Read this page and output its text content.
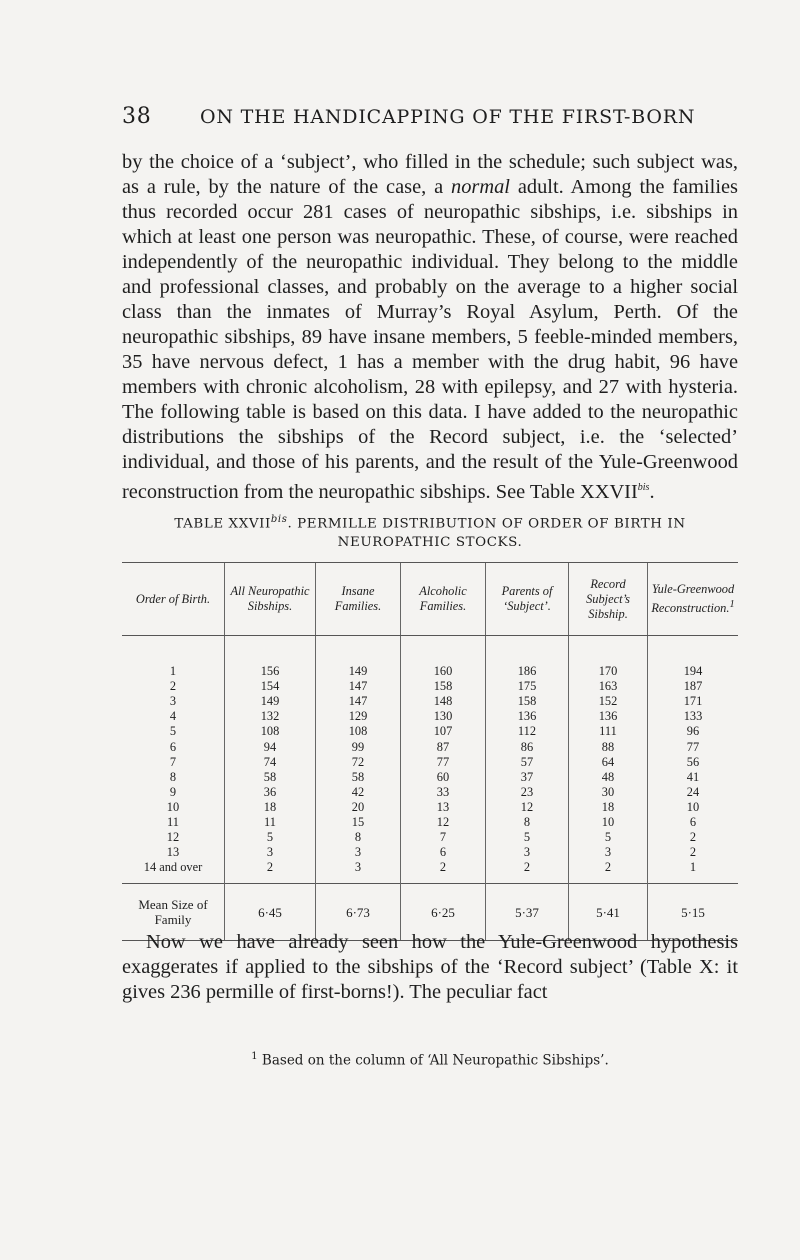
38	ON THE HANDICAPPING OF THE FIRST-BORN

by the choice of a ‘subject’, who filled in the schedule; such subject was, as a rule, by the nature of the case, a normal adult. Among the families thus recorded occur 281 cases of neuropathic sibships, i.e. sibships in which at least one person was neuropathic. These, of course, were reached independently of the neuropathic individual. They belong to the middle and professional classes, and probably on the average to a higher social class than the inmates of Murray’s Royal Asylum, Perth. Of the neuropathic sibships, 89 have insane members, 5 feeble-minded members, 35 have nervous defect, 1 has a member with the drug habit, 96 have members with chronic alcoholism, 28 with epilepsy, and 27 with hysteria. The following table is based on this data. I have added to the neuropathic distributions the sibships of the Record subject, i.e. the ‘selected’ individual, and those of his parents, and the result of the Yule-Greenwood reconstruction from the neuropathic sibships. See Table $XXVII^{bis}$.

TABLE $XXVII^{bis}$. PERMILLE DISTRIBUTION OF ORDER OF BIRTH IN NEUROPATHIC STOCKS.
Order of Birth.	All Neuropathic Sibships.	Insane Families.	Alcoholic Families.	Parents of ‘Subject’.	Record Subject’s Sibship.	Yule-Greenwood Reconstruction.$^1$
1	156	149	160	186	170	194
2	154	147	158	175	163	187
3	149	147	148	158	152	171
4	132	129	130	136	136	133
5	108	108	107	112	111	96
6	94	99	87	86	88	77
7	74	72	77	57	64	56
8	58	58	60	37	48	41
9	36	42	33	23	30	24
10	18	20	13	12	18	10
11	11	15	12	8	10	6
12	5	8	7	5	5	2
13	3	3	6	3	3	2
14 and over	2	3	2	2	2	1
Mean Size of Family	6·45	6·73	6·25	5·37	5·41	5·15

Now we have already seen how the Yule-Greenwood hypothesis exaggerates if applied to the sibships of the ‘Record subject’ (Table X: it gives 236 permille of first-borns!). The peculiar fact

$^1$ Based on the column of ‘All Neuropathic Sibships’.
